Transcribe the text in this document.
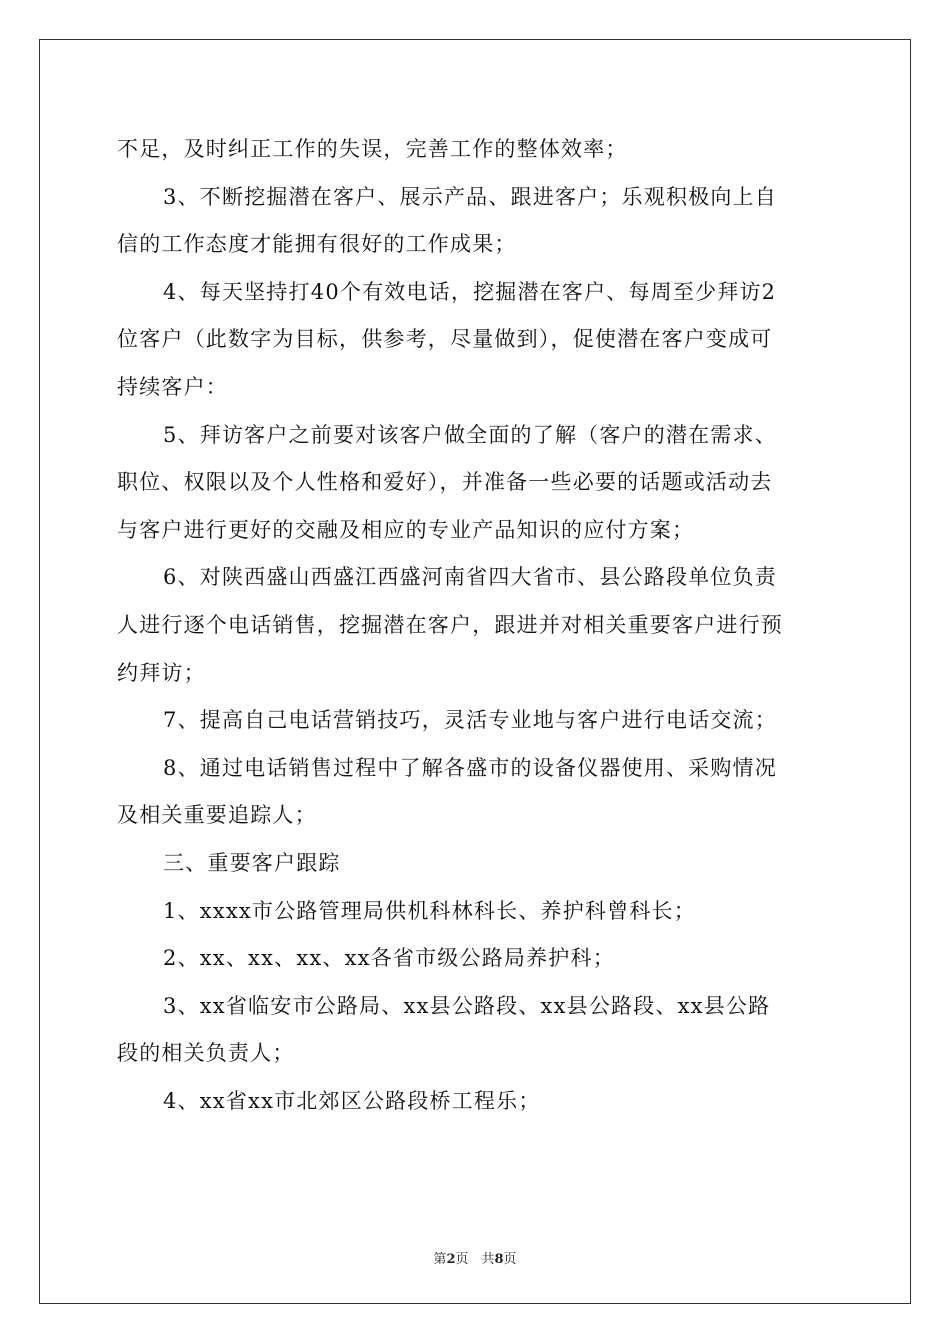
不足，及时纠正工作的失误，完善工作的整体效率；
3、不断挖掘潜在客户、展示产品、跟进客户；乐观积极向上自
信的工作态度才能拥有很好的工作成果；
4、每天坚持打40个有效电话，挖掘潜在客户、每周至少拜访2
位客户（此数字为目标，供参考，尽量做到），促使潜在客户变成可
持续客户：
5、拜访客户之前要对该客户做全面的了解（客户的潜在需求、
职位、权限以及个人性格和爱好），并准备一些必要的话题或活动去
与客户进行更好的交融及相应的专业产品知识的应付方案；
6、对陕西盛山西盛江西盛河南省四大省市、县公路段单位负责
人进行逐个电话销售，挖掘潜在客户，跟进并对相关重要客户进行预
约拜访；
7、提高自己电话营销技巧，灵活专业地与客户进行电话交流；
8、通过电话销售过程中了解各盛市的设备仪器使用、采购情况
及相关重要追踪人；
三、重要客户跟踪
1、xxxx市公路管理局供机科林科长、养护科曾科长；
2、xx、xx、xx、xx各省市级公路局养护科；
3、xx省临安市公路局、xx县公路段、xx县公路段、xx县公路
段的相关负责人；
4、xx省xx市北郊区公路段桥工程乐；
第2页　共8页
